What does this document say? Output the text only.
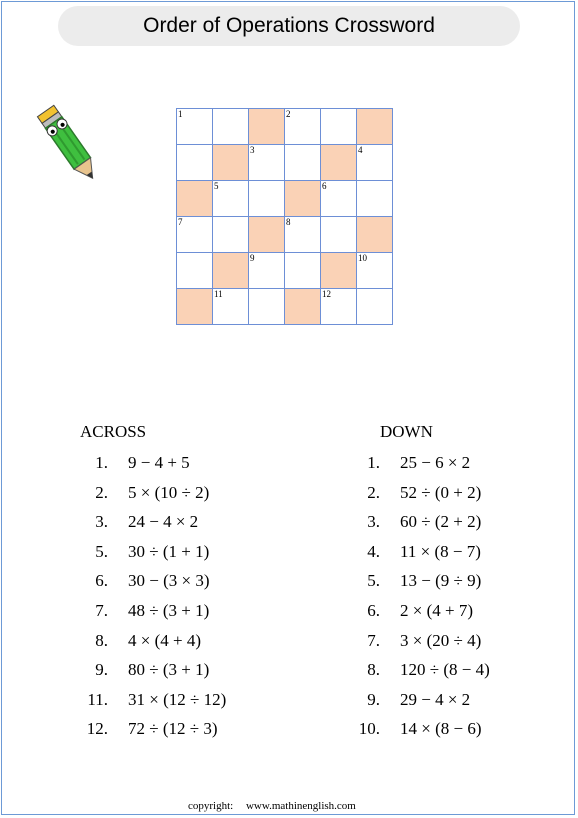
Order of Operations Crossword
1			2		

		3			4

	5			6	

7			8		

		9			10

	11			12	

ACROSS
1. 9 − 4 + 5
2. 5 × (10 ÷ 2)
3. 24 − 4 × 2
5. 30 ÷ (1 + 1)
6. 30 − (3 × 3)
7. 48 ÷ (3 + 1)
8. 4 × (4 + 4)
9. 80 ÷ (3 + 1)
11. 31 × (12 ÷ 12)
12. 72 ÷ (12 ÷ 3)
DOWN
1. 25 − 6 × 2
2. 52 ÷ (0 + 2)
3. 60 ÷ (2 + 2)
4. 11 × (8 − 7)
5. 13 − (9 ÷ 9)
6. 2 × (4 + 7)
7. 3 × (20 ÷ 4)
8. 120 ÷ (8 − 4)
9. 29 − 4 × 2
10. 14 × (8 − 6)
copyright: www.mathinenglish.com
